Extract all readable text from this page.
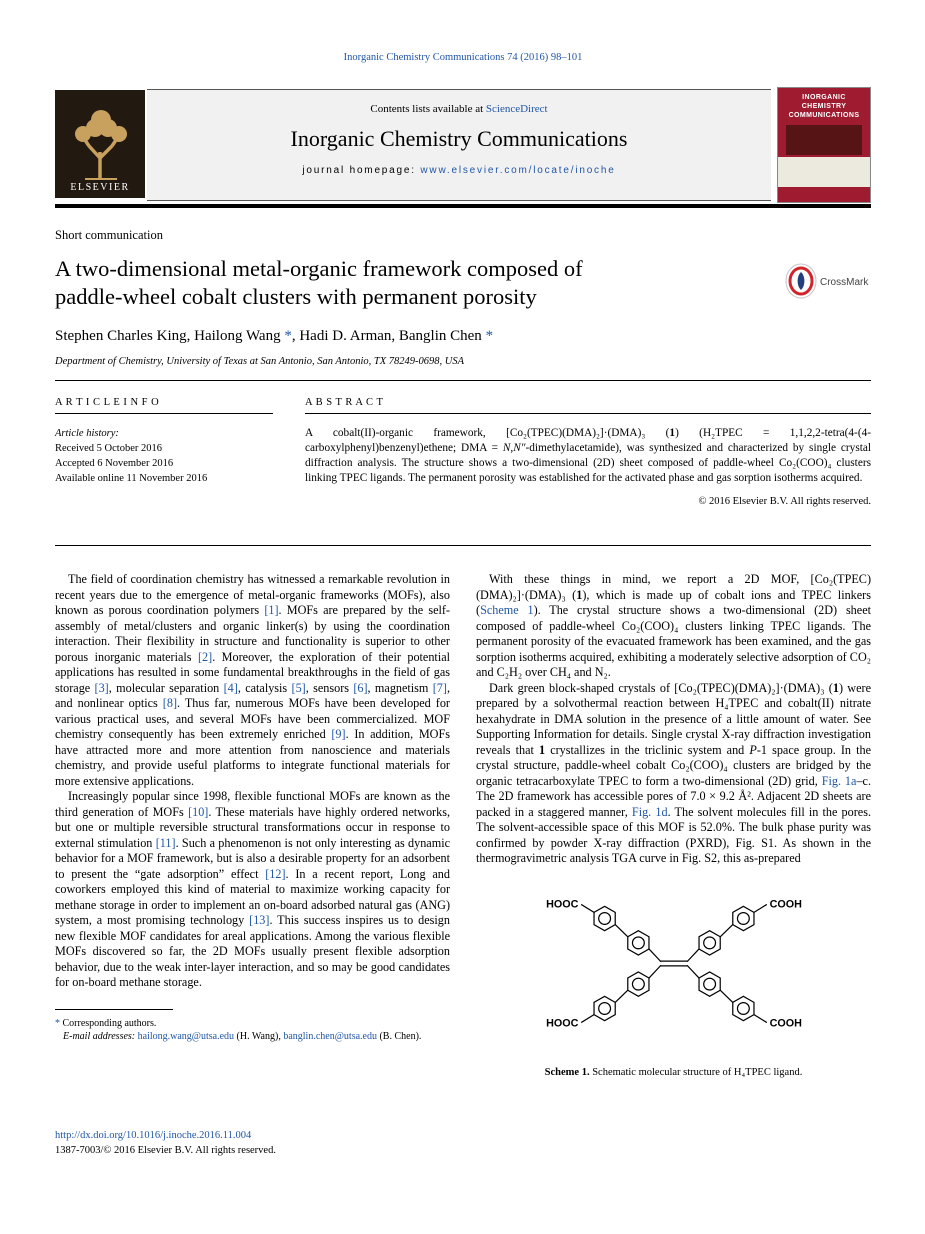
Inorganic Chemistry Communications 74 (2016) 98–101
ELSEVIER
Contents lists available at ScienceDirect
Inorganic Chemistry Communications
journal homepage: www.elsevier.com/locate/inoche
INORGANIC
CHEMISTRY
COMMUNICATIONS
Short communication
A two-dimensional metal-organic framework composed of
paddle-wheel cobalt clusters with permanent porosity
CrossMark
Stephen Charles King, Hailong Wang *, Hadi D. Arman, Banglin Chen *
Department of Chemistry, University of Texas at San Antonio, San Antonio, TX 78249-0698, USA
A R T I C L E I N F O
Article history:
Received 5 October 2016
Accepted 6 November 2016
Available online 11 November 2016
A B S T R A C T
A cobalt(II)-organic framework, [Co₂(TPEC)(DMA)₂]·(DMA)₃ (1) (H₂TPEC = 1,1,2,2-tetra(4-(4-carboxylphenyl)benzenyl)ethene; DMA = N,N″-dimethylacetamide), was synthesized and characterized by single crystal diffraction analysis. The structure shows a two-dimensional (2D) sheet composed of paddle-wheel Co₂(COO)₄ clusters linking TPEC ligands. The permanent porosity was established for the activated phase and gas sorption isotherms acquired.
© 2016 Elsevier B.V. All rights reserved.
The field of coordination chemistry has witnessed a remarkable revolution in recent years due to the emergence of metal-organic frameworks (MOFs), also known as porous coordination polymers [1]. MOFs are prepared by the self-assembly of metal/clusters and organic linker(s) by using the coordination interaction. Their flexibility in structure and functionality is superior to other porous inorganic materials [2]. Moreover, the exploration of their potential applications has resulted in some fundamental breakthroughs in the field of gas storage [3], molecular separation [4], catalysis [5], sensors [6], magnetism [7], and nonlinear optics [8]. Thus far, numerous MOFs have been developed for various practical uses, and several MOFs have been commercialized. MOF chemistry consequently has been extremely enriched [9]. In addition, MOFs have attracted more and more attention from nanoscience and materials chemistry, and provide useful platforms to integrate functional materials for more extensive applications.
Increasingly popular since 1998, flexible functional MOFs are known as the third generation of MOFs [10]. These materials have highly ordered networks, but one or multiple reversible structural transformations occur in response to external stimulation [11]. Such a phenomenon is not only interesting as dynamic behavior for a MOF framework, but is also a desirable property for an adsorbent to present the “gate adsorption” effect [12]. In a recent report, Long and coworkers employed this kind of material to maximize working capacity for methane storage in order to implement an on-board adsorbed natural gas (ANG) system, a most promising technology [13]. This success inspires us to design new flexible MOF candidates for areal applications. Among the various flexible MOFs discovered so far, the 2D MOFs usually present flexible adsorption behavior, due to the weak inter-layer interaction, and so may be good candidates for on-board methane storage.
* Corresponding authors.
E-mail addresses: hailong.wang@utsa.edu (H. Wang), banglin.chen@utsa.edu (B. Chen).
With these things in mind, we report a 2D MOF, [Co₂(TPEC)(DMA)₂]·(DMA)₃ (1), which is made up of cobalt ions and TPEC linkers (Scheme 1). The crystal structure shows a two-dimensional (2D) sheet composed of paddle-wheel Co₂(COO)₄ clusters linking TPEC ligands. The permanent porosity of the evacuated framework has been examined, and the gas sorption isotherms acquired, exhibiting a moderately selective adsorption of CO₂ and C₂H₂ over CH₄ and N₂.
Dark green block-shaped crystals of [Co₂(TPEC)(DMA)₂]·(DMA)₃ (1) were prepared by a solvothermal reaction between H₄TPEC and cobalt(II) nitrate hexahydrate in DMA solution in the presence of a little amount of water. See Supporting Information for details. Single crystal X-ray diffraction investigation reveals that 1 crystallizes in the triclinic system and P-1 space group. In the crystal structure, paddle-wheel cobalt Co₂(COO)₄ clusters are bridged by the organic tetracarboxylate TPEC to form a two-dimensional (2D) grid, Fig. 1a–c. The 2D framework has accessible pores of 7.0 × 9.2 Å². Adjacent 2D sheets are packed in a staggered manner, Fig. 1d. The solvent molecules fill in the pores. The solvent-accessible space of this MOF is 52.0%. The bulk phase purity was confirmed by powder X-ray diffraction (PXRD), Fig. S1. As shown in the thermogravimetric analysis TGA curve in Fig. S2, this as-prepared
HOOC	COOH
HOOC	COOH
Scheme 1. Schematic molecular structure of H₄TPEC ligand.
http://dx.doi.org/10.1016/j.inoche.2016.11.004
1387-7003/© 2016 Elsevier B.V. All rights reserved.
